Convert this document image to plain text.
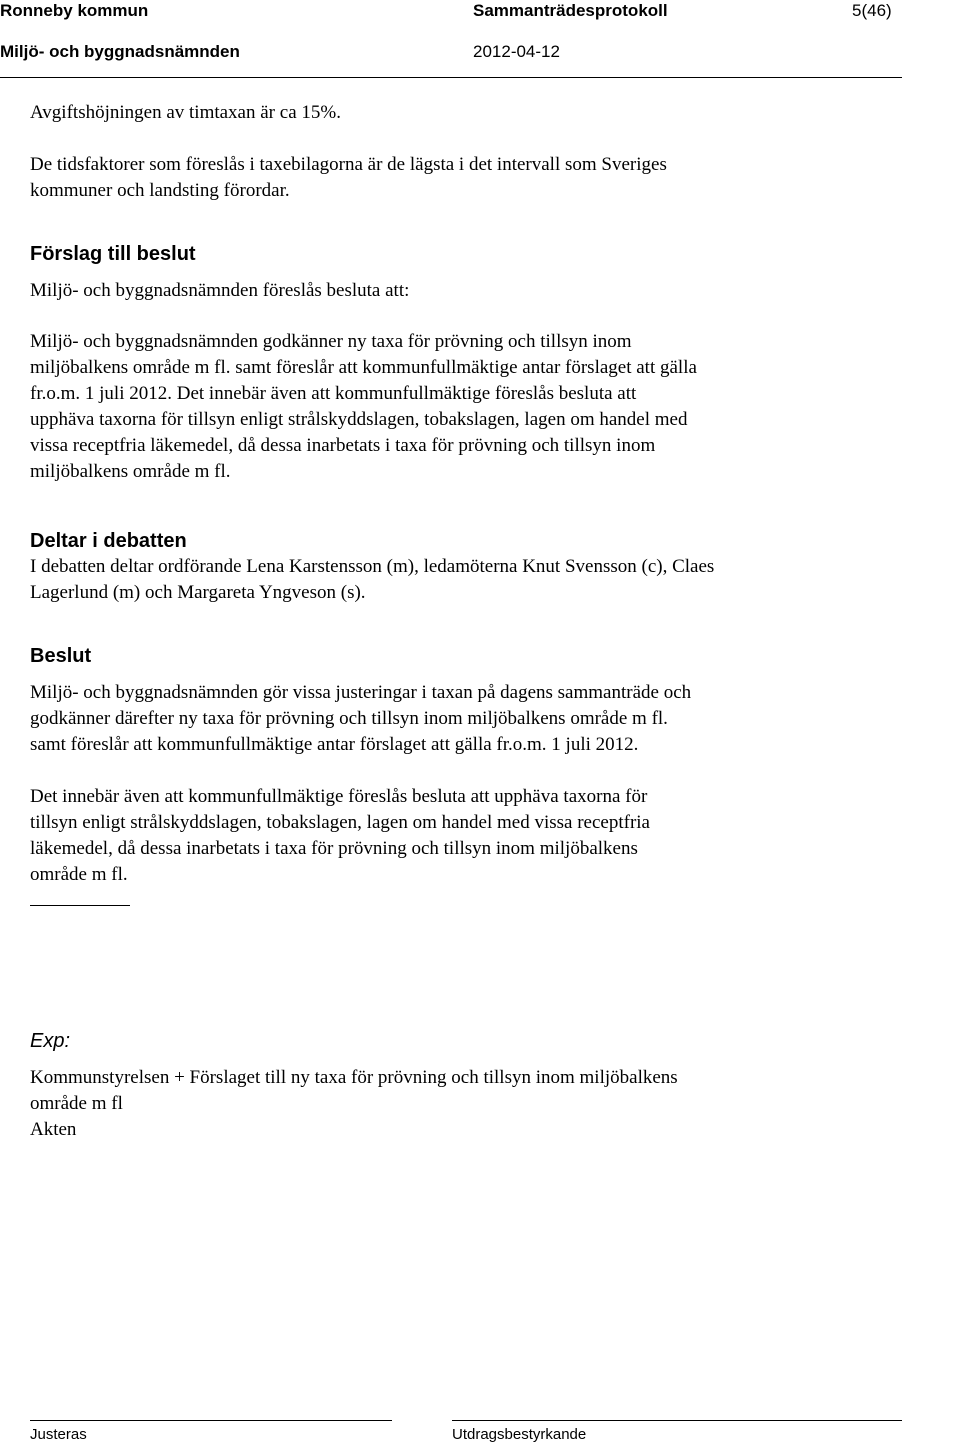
Ronneby kommun	Sammanträdesprotokoll	5(46)
Miljö- och byggnadsnämnden	2012-04-12
Avgiftshöjningen av timtaxan är ca 15%.
De tidsfaktorer som föreslås i taxebilagorna är de lägsta i det intervall som Sveriges
kommuner och landsting förordar.
Förslag till beslut
Miljö- och byggnadsnämnden föreslås besluta att:
Miljö- och byggnadsnämnden godkänner ny taxa för prövning och tillsyn inom
miljöbalkens område m fl. samt föreslår att kommunfullmäktige antar förslaget att gälla
fr.o.m. 1 juli 2012. Det innebär även att kommunfullmäktige föreslås besluta att
upphäva taxorna för tillsyn enligt strålskyddslagen, tobakslagen, lagen om handel med
vissa receptfria läkemedel, då dessa inarbetats i taxa för prövning och tillsyn inom
miljöbalkens område m fl.
Deltar i debatten
I debatten deltar ordförande Lena Karstensson (m), ledamöterna Knut Svensson (c), Claes
Lagerlund (m) och Margareta Yngveson (s).
Beslut
Miljö- och byggnadsnämnden gör vissa justeringar i taxan på dagens sammanträde och
godkänner därefter ny taxa för prövning och tillsyn inom miljöbalkens område m fl.
samt föreslår att kommunfullmäktige antar förslaget att gälla fr.o.m. 1 juli 2012.
Det innebär även att kommunfullmäktige föreslås besluta att upphäva taxorna för
tillsyn enligt strålskyddslagen, tobakslagen, lagen om handel med vissa receptfria
läkemedel, då dessa inarbetats i taxa för prövning och tillsyn inom miljöbalkens
område m fl.
Exp:
Kommunstyrelsen + Förslaget till ny taxa för prövning och tillsyn inom miljöbalkens
område m fl
Akten
Justeras	Utdragsbestyrkande
